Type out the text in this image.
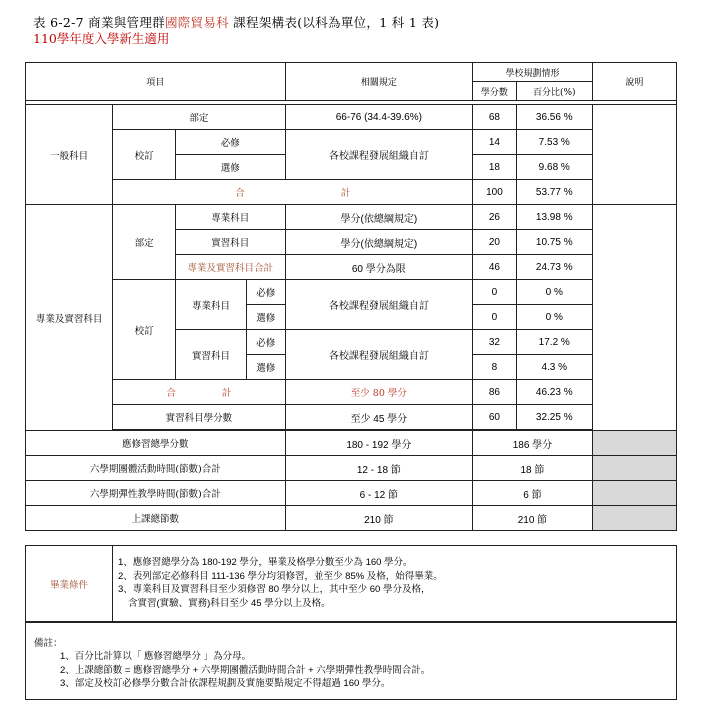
表 6-2-7 商業與管理群國際貿易科 課程架構表(以科為單位，1 科 1 表)
110學年度入學新生適用
項目				相關規定	學校規劃情形		說明
					學分數	百分比(%)	

一般科目	部定			66-76 (34.4-39.6%)	68	36.56 %	
	校訂	必修		各校課程發展組織自訂	14	7.53 %	
		選修			18	9.68 %	
	合 計				100	53.77 %	
專業及實習科目	部定	專業科目		學分(依總綱規定)	26	13.98 %	
		實習科目		學分(依總綱規定)	20	10.75 %	
		專業及實習科目合計		60 學分為限	46	24.73 %	
	校訂	專業科目	必修	各校課程發展組織自訂	0	0 %	
			選修		0	0 %	
		實習科目	必修	各校課程發展組織自訂	32	17.2 %	
			選修		8	4.3 %	
	合 計			至少 80 學分	86	46.23 %	
	實習科目學分數			至少 45 學分	60	32.25 %	

應修習總學分數				180 - 192 學分	186 學分		
六學期團體活動時間(節數)合計				12 - 18 節	18 節		
六學期彈性教學時間(節數)合計				6 - 12 節	6 節		
上課總節數				210 節	210 節		
畢業條件
1、應修習總學分為 180-192 學分，畢業及格學分數至少為 160 學分。
2、表列部定必修科目 111-136 學分均須修習，並至少 85% 及格，始得畢業。
3、專業科目及實習科目至少須修習 80 學分以上，其中至少 60 學分及格，
含實習(實驗、實務)科目至少 45 學分以上及格。
備註：
1、百分比計算以「 應修習總學分 」為分母。
2、上課總節數 = 應修習總學分 + 六學期團體活動時間合計 + 六學期彈性教學時間合計。
3、部定及校訂必修學分數合計依課程規劃及實施要點規定不得超過 160 學分。
